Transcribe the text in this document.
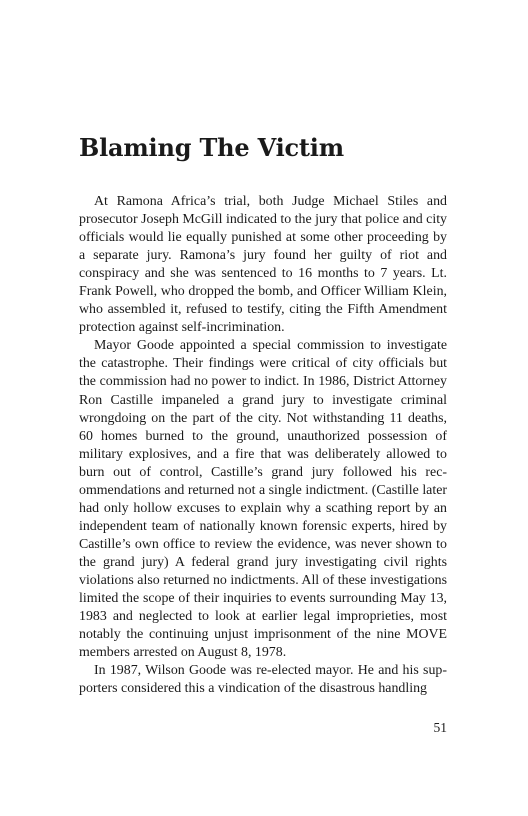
Blaming The Victim

At Ramona Africa’s trial, both Judge Michael Stiles and prosecutor Joseph McGill indicated to the jury that police and city officials would lie equally punished at some other proceeding by a separate jury. Ramona’s jury found her guilty of riot and conspiracy and she was sentenced to 16 months to 7 years. Lt. Frank Powell, who dropped the bomb, and Officer William Klein, who assembled it, refused to testify, citing the Fifth Amendment protection against self-incrimination.

Mayor Goode appointed a special commission to investigate the catastrophe. Their findings were critical of city officials but the commission had no power to indict. In 1986, District Attorney Ron Castille impaneled a grand jury to investigate criminal wrongdoing on the part of the city. Not withstanding 11 deaths, 60 homes burned to the ground, unauthorized possession of military explosives, and a fire that was deliberately allowed to burn out of control, Castille’s grand jury followed his recommendations and returned not a single indictment. (Castille later had only hollow excuses to explain why a scathing report by an independent team of nationally known forensic experts, hired by Castille’s own office to review the evidence, was never shown to the grand jury) A federal grand jury investigating civil rights violations also returned no indictments. All of these investigations limited the scope of their inquiries to events surrounding May 13, 1983 and neglected to look at earlier legal improprieties, most notably the continuing unjust imprisonment of the nine MOVE members arrested on August 8, 1978.

In 1987, Wilson Goode was re-elected mayor. He and his supporters considered this a vindication of the disastrous handling

51
